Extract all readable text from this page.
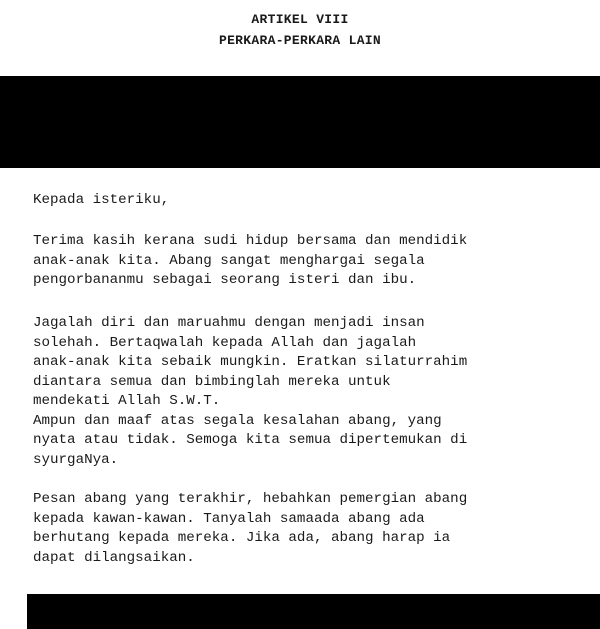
ARTIKEL VIII
PERKARA-PERKARA LAIN
Kepada isteriku,
Terima kasih kerana sudi hidup bersama dan mendidik
anak-anak kita. Abang sangat menghargai segala
pengorbananmu sebagai seorang isteri dan ibu.
Jagalah diri dan maruahmu dengan menjadi insan
solehah. Bertaqwalah kepada Allah dan jagalah
anak-anak kita sebaik mungkin. Eratkan silaturrahim
diantara semua dan bimbinglah mereka untuk
mendekati Allah S.W.T.
Ampun dan maaf atas segala kesalahan abang, yang
nyata atau tidak. Semoga kita semua dipertemukan di
syurgaNya.
Pesan abang yang terakhir, hebahkan pemergian abang
kepada kawan-kawan. Tanyalah samaada abang ada
berhutang kepada mereka. Jika ada, abang harap ia
dapat dilangsaikan.
